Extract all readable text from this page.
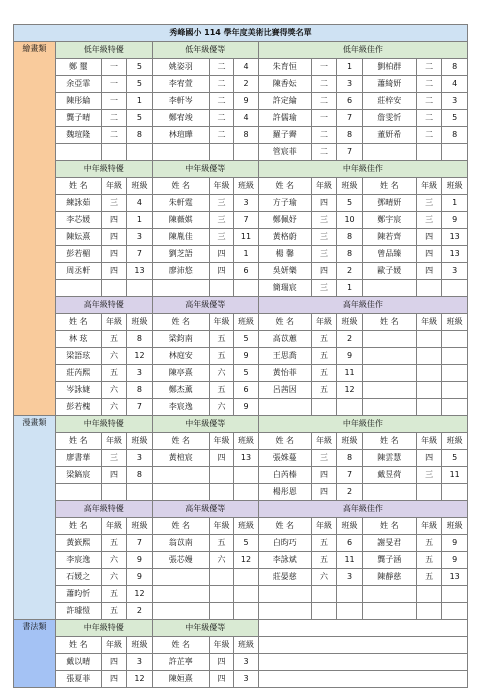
秀峰國小 114 學年度美術比賽得獎名單												
繪畫類	低年級特優			低年級優等			低年級佳作					
	鄭 璽	一	5	姚姿羽	二	4	朱育恒	一	1	劉柏群	二	8
	余亞霏	一	5	李宥萱	二	2	陳香妘	二	3	蕭綺妍	二	4
	陳彤綸	一	1	李軒岑	二	9	許定綸	二	6	莊梓安	二	3
	龔子晴	二	5	鄭宥竣	二	4	許儒瑜	一	7	詹雯忻	二	5
	魏瑄隆	二	8	林瑄曄	二	8	羅子霽	二	8	董妍希	二	8
							管宸菲	二	7			
	中年級特優			中年級優等			中年級佳作					
	姓 名	年級	班級	姓 名	年級	班級	姓 名	年級	班級	姓 名	年級	班級
	練詠茹	三	4	朱軒霆	三	3	方子瑜	四	5	鄧晴妍	三	1
	李芯媛	四	1	陳薇娸	三	7	鄭佩妤	三	10	鄭宇宸	三	9
	陳妘熹	四	3	陳胤佳	三	11	黃格蔚	三	8	陳若齊	四	13
	彭若楣	四	7	劉芝語	四	1	楊 馨	三	8	曾品臻	四	13
	周丞軒	四	13	廖沛悠	四	6	吳妍樂	四	2	歐子媛	四	3
							簡瑞宸	三	1			
	高年級特優			高年級優等			高年級佳作					
	姓 名	年級	班級	姓 名	年級	班級	姓 名	年級	班級	姓 名	年級	班級
	林 玹	五	8	梁鈞南	五	5	高苡蕙	五	2			
	梁語玹	六	12	林庭安	五	9	王思喬	五	9			
	莊芮熙	五	3	陳亭熹	六	5	黃怡菲	五	11			
	岑詠婕	六	8	鄭杰薰	五	6	呂茜因	五	12			
	彭若槐	六	7	李宸逸	六	9						
漫畫類	中年級特優			中年級優等			中年級佳作					
	姓 名	年級	班級	姓 名	年級	班級	姓 名	年級	班級	姓 名	年級	班級
	廖書華	三	3	黃楦宸	四	13	張姝蔓	三	8	陳雲慧	四	5
	梁鎬宸	四	8				白芮榛	四	7	戴昱荷	三	11
							楊彤恩	四	2			
	高年級特優			高年級優等			高年級佳作					
	姓 名	年級	班級	姓 名	年級	班級	姓 名	年級	班級	姓 名	年級	班級
	黃嶔熙	五	7	翁苡南	五	5	白昀巧	五	6	謝旻君	五	9
	李宸逸	六	9	張芯嫚	六	12	李詠斌	五	11	龔子涵	五	9
	石媛之	六	9				莊晏慈	六	3	陳靜慈	五	13
	蕭昀忻	五	12									
	許璩愷	五	2									
書法類	中年級特優			中年級優等								
	姓 名	年級	班級	姓 名	年級	班級						
	戴以晴	四	3	許芷寧	四	3						
	張夏菲	四	12	陳姮熹	四	3						
